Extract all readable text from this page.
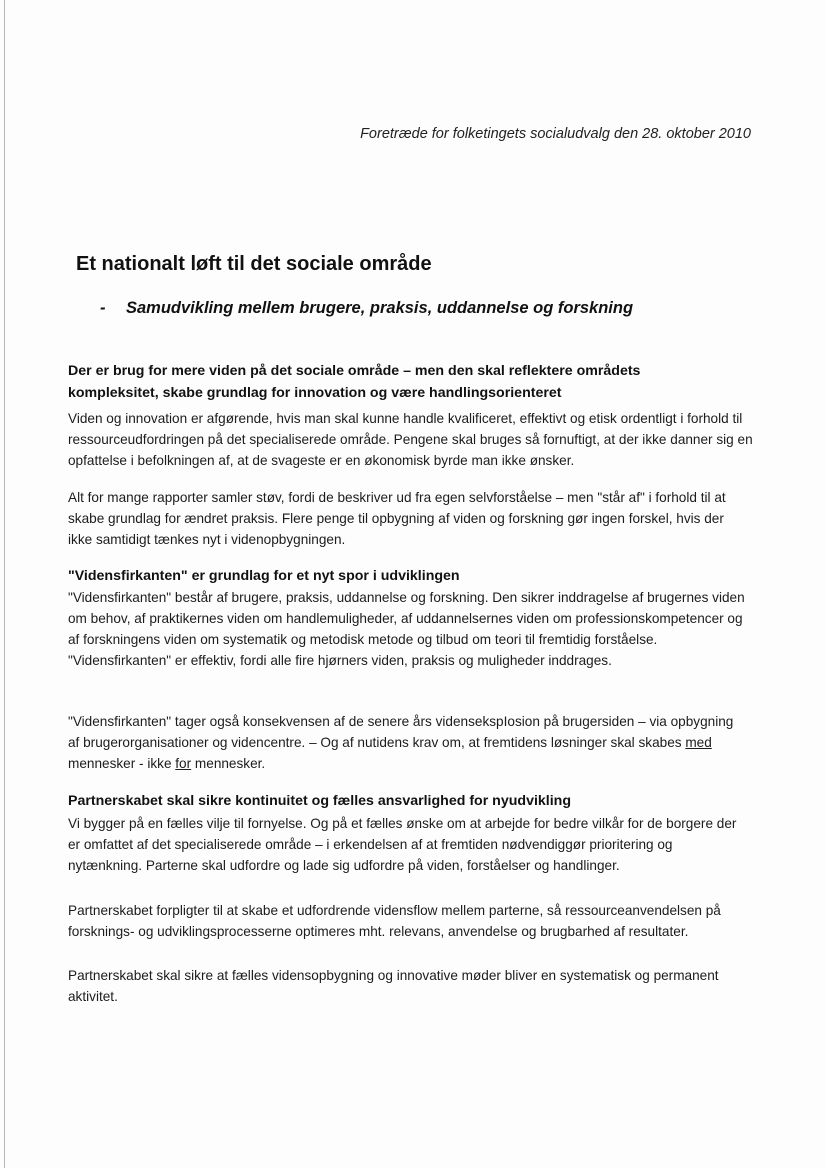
Foretræde for folketingets socialudvalg den 28. oktober 2010
Et nationalt løft til det sociale område
- Samudvikling mellem brugere, praksis, uddannelse og forskning

Der er brug for mere viden på det sociale område – men den skal reflektere områdets kompleksitet, skabe grundlag for innovation og være handlingsorienteret

Viden og innovation er afgørende, hvis man skal kunne handle kvalificeret, effektivt og etisk ordentligt i forhold til ressourceudfordringen på det specialiserede område. Pengene skal bruges så fornuftigt, at der ikke danner sig en opfattelse i befolkningen af, at de svageste er en økonomisk byrde man ikke ønsker.

Alt for mange rapporter samler støv, fordi de beskriver ud fra egen selvforståelse – men "står af" i forhold til at skabe grundlag for ændret praksis. Flere penge til opbygning af viden og forskning gør ingen forskel, hvis der ikke samtidigt tænkes nyt i videnopbygningen.

"Vidensfirkanten" er grundlag for et nyt spor i udviklingen

"Vidensfirkanten" består af brugere, praksis, uddannelse og forskning. Den sikrer inddragelse af brugernes viden om behov, af praktikernes viden om handlemuligheder, af uddannelsernes viden om professionskompetencer og af forskningens viden om systematik og metodisk metode og tilbud om teori til fremtidig forståelse. "Vidensfirkanten" er effektiv, fordi alle fire hjørners viden, praksis og muligheder inddrages.

"Vidensfirkanten" tager også konsekvensen af de senere års vidensekspIosion på brugersiden – via opbygning af brugerorganisationer og videncentre. – Og af nutidens krav om, at fremtidens løsninger skal skabes med mennesker - ikke for mennesker.

Partnerskabet skal sikre kontinuitet og fælles ansvarlighed for nyudvikling

Vi bygger på en fælles vilje til fornyelse. Og på et fælles ønske om at arbejde for bedre vilkår for de borgere der er omfattet af det specialiserede område – i erkendelsen af at fremtiden nødvendiggør prioritering og nytænkning. Parterne skal udfordre og lade sig udfordre på viden, forståelser og handlinger.

Partnerskabet forpligter til at skabe et udfordrende vidensflow mellem parterne, så ressourceanvendelsen på forsknings- og udviklingsprocesserne optimeres mht. relevans, anvendelse og brugbarhed af resultater.

Partnerskabet skal sikre at fælles vidensopbygning og innovative møder bliver en systematisk og permanent aktivitet.
